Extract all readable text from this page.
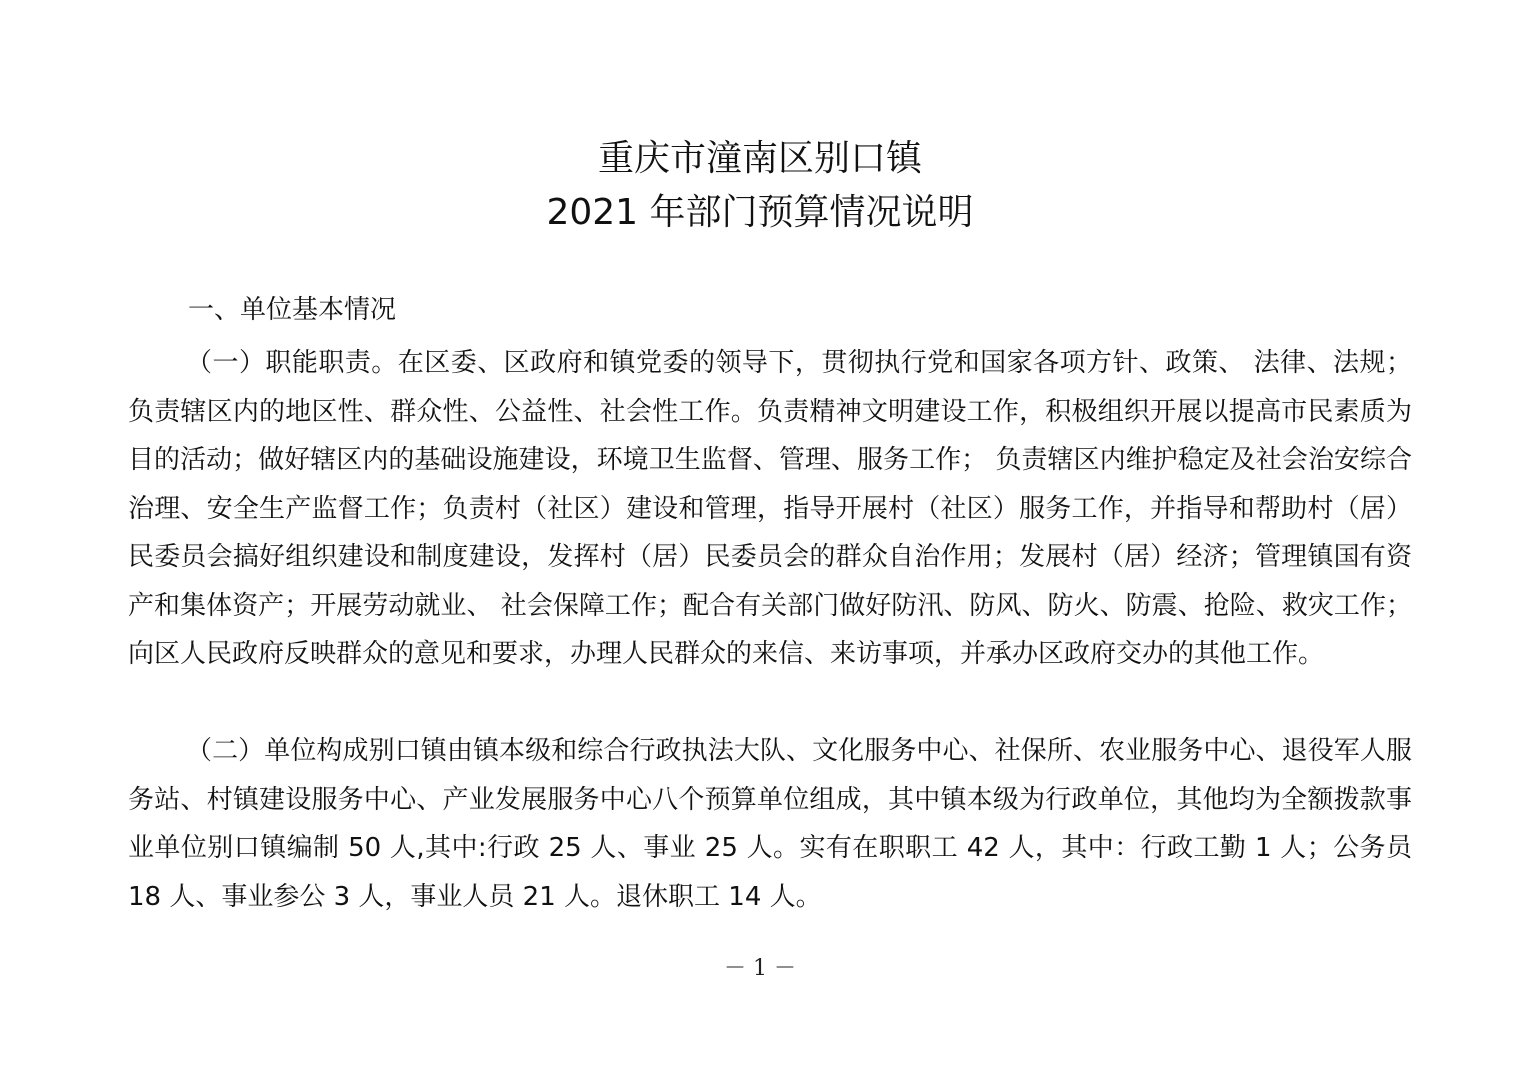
重庆市潼南区别口镇
2021 年部门预算情况说明
一、单位基本情况
（一）职能职责。在区委、区政府和镇党委的领导下，贯彻执行党和国家各项方针、政策、 法律、法规；负责辖区内的地区性、群众性、公益性、社会性工作。负责精神文明建设工作，积极组织开展以提高市民素质为目的活动；做好辖区内的基础设施建设，环境卫生监督、管理、服务工作； 负责辖区内维护稳定及社会治安综合治理、安全生产监督工作；负责村（社区）建设和管理，指导开展村（社区）服务工作，并指导和帮助村（居）民委员会搞好组织建设和制度建设，发挥村（居）民委员会的群众自治作用；发展村（居）经济；管理镇国有资产和集体资产；开展劳动就业、 社会保障工作；配合有关部门做好防汛、防风、防火、防震、抢险、救灾工作；向区人民政府反映群众的意见和要求，办理人民群众的来信、来访事项，并承办区政府交办的其他工作。
（二）单位构成别口镇由镇本级和综合行政执法大队、文化服务中心、社保所、农业服务中心、退役军人服务站、村镇建设服务中心、产业发展服务中心八个预算单位组成，其中镇本级为行政单位，其他均为全额拨款事业单位别口镇编制 50 人,其中:行政 25 人、事业 25 人。实有在职职工 42 人，其中：行政工勤 1 人；公务员 18 人、事业参公 3 人，事业人员 21 人。退休职工 14 人。
－ 1 －
